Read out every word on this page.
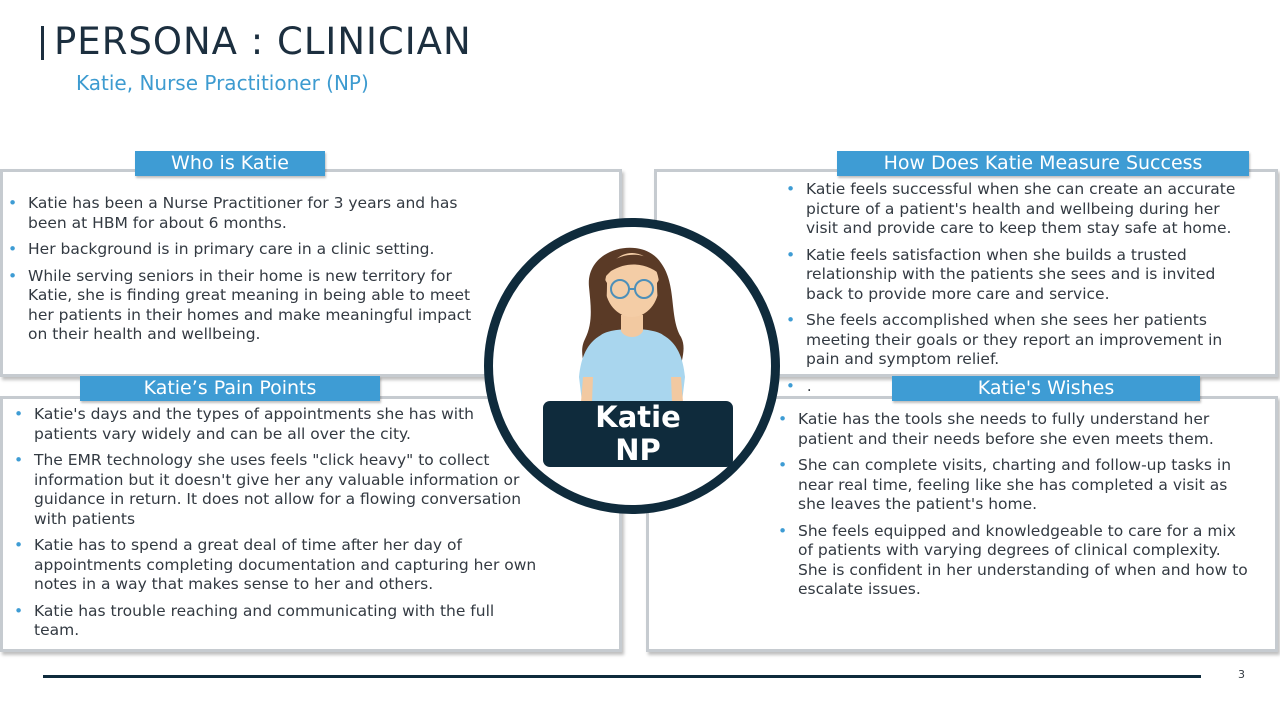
PERSONA : CLINICIAN
Katie, Nurse Practitioner (NP)
Who is Katie	How Does Katie Measure Success
Katie’s Pain Points	Katie's Wishes
• Katie has been a Nurse Practitioner for 3 years and has been at HBM for about 6 months.
• Her background is in primary care in a clinic setting.
• While serving seniors in their home is new territory for Katie, she is finding great meaning in being able to meet her patients in their homes and make meaningful impact on their health and wellbeing.
• Katie feels successful when she can create an accurate picture of a patient's health and wellbeing during her visit and provide care to keep them stay safe at home.
• Katie feels satisfaction when she builds a trusted relationship with the patients she sees and is invited back to provide more care and service.
• She feels accomplished when she sees her patients meeting their goals or they report an improvement in pain and symptom relief.
• .
• Katie's days and the types of appointments she has with patients vary widely and can be all over the city.
• The EMR technology she uses feels "click heavy" to collect information but it doesn't give her any valuable information or guidance in return. It does not allow for a flowing conversation with patients
• Katie has to spend a great deal of time after her day of appointments completing documentation and capturing her own notes in a way that makes sense to her and others.
• Katie has trouble reaching and communicating with the full team.
• Katie has the tools she needs to fully understand her patient and their needs before she even meets them.
• She can complete visits, charting and follow-up tasks in near real time, feeling like she has completed a visit as she leaves the patient's home.
• She feels equipped and knowledgeable to care for a mix of patients with varying degrees of clinical complexity. She is confident in her understanding of when and how to escalate issues.
Katie
NP
3
